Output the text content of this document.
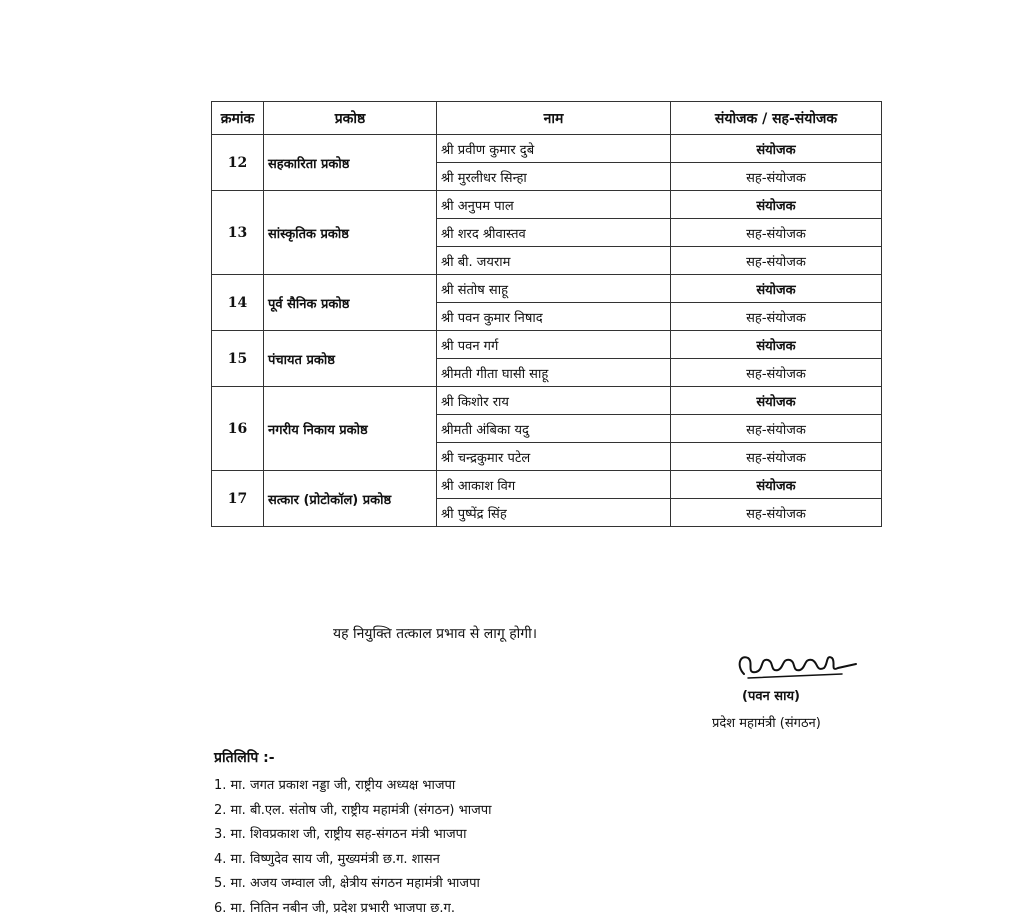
क्रमांक	प्रकोष्ठ	नाम	संयोजक / सह-संयोजक
12	सहकारिता प्रकोष्ठ	श्री प्रवीण कुमार दुबे	संयोजक
		श्री मुरलीधर सिन्हा	सह-संयोजक
13	सांस्कृतिक प्रकोष्ठ	श्री अनुपम पाल	संयोजक
		श्री शरद श्रीवास्तव	सह-संयोजक
		श्री बी. जयराम	सह-संयोजक
14	पूर्व सैनिक प्रकोष्ठ	श्री संतोष साहू	संयोजक
		श्री पवन कुमार निषाद	सह-संयोजक
15	पंचायत प्रकोष्ठ	श्री पवन गर्ग	संयोजक
		श्रीमती गीता घासी साहू	सह-संयोजक
16	नगरीय निकाय प्रकोष्ठ	श्री किशोर राय	संयोजक
		श्रीमती अंबिका यदु	सह-संयोजक
		श्री चन्द्रकुमार पटेल	सह-संयोजक
17	सत्कार (प्रोटोकॉल) प्रकोष्ठ	श्री आकाश विग	संयोजक
		श्री पुष्पेंद्र सिंह	सह-संयोजक
यह नियुक्ति तत्काल प्रभाव से लागू होगी।
(पवन साय)
प्रदेश महामंत्री (संगठन)
प्रतिलिपि :-
1. मा. जगत प्रकाश नड्डा जी, राष्ट्रीय अध्यक्ष भाजपा
2. मा. बी.एल. संतोष जी, राष्ट्रीय महामंत्री (संगठन) भाजपा
3. मा. शिवप्रकाश जी, राष्ट्रीय सह-संगठन मंत्री भाजपा
4. मा. विष्णुदेव साय जी, मुख्यमंत्री छ.ग. शासन
5. मा. अजय जम्वाल जी, क्षेत्रीय संगठन महामंत्री भाजपा
6. मा. नितिन नबीन जी, प्रदेश प्रभारी भाजपा छ.ग.
